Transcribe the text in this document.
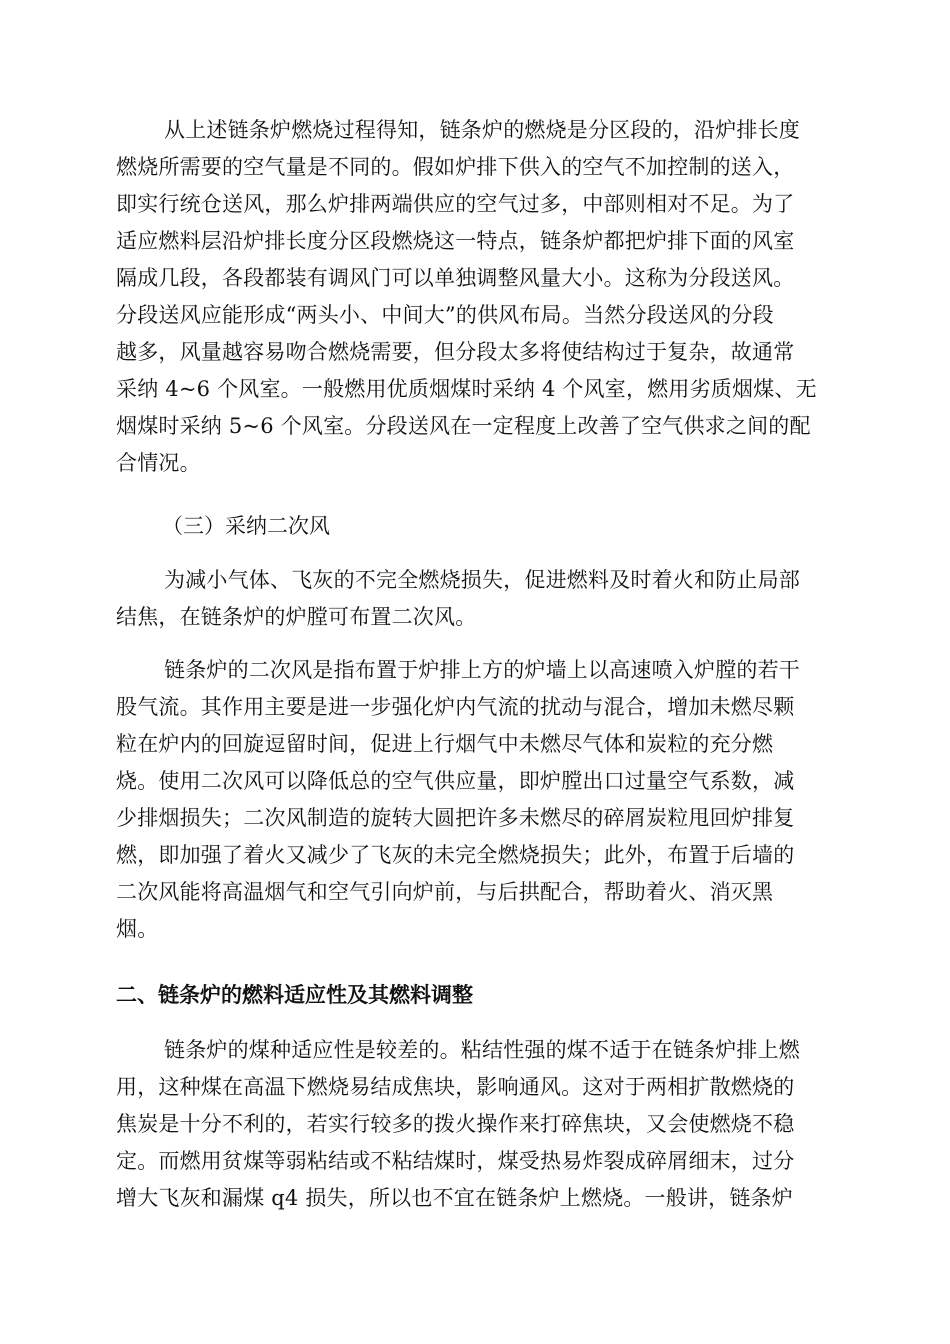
从上述链条炉燃烧过程得知，链条炉的燃烧是分区段的，沿炉排长度
燃烧所需要的空气量是不同的。假如炉排下供入的空气不加控制的送入，
即实行统仓送风，那么炉排两端供应的空气过多，中部则相对不足。为了
适应燃料层沿炉排长度分区段燃烧这一特点，链条炉都把炉排下面的风室
隔成几段，各段都装有调风门可以单独调整风量大小。这称为分段送风。
分段送风应能形成“两头小、中间大”的供风布局。当然分段送风的分段
越多，风量越容易吻合燃烧需要，但分段太多将使结构过于复杂，故通常
采纳 4~6 个风室。一般燃用优质烟煤时采纳 4 个风室，燃用劣质烟煤、无
烟煤时采纳 5~6 个风室。分段送风在一定程度上改善了空气供求之间的配
合情况。

（三）采纳二次风

为减小气体、飞灰的不完全燃烧损失，促进燃料及时着火和防止局部
结焦，在链条炉的炉膛可布置二次风。

链条炉的二次风是指布置于炉排上方的炉墙上以高速喷入炉膛的若干
股气流。其作用主要是进一步强化炉内气流的扰动与混合，增加未燃尽颗
粒在炉内的回旋逗留时间，促进上行烟气中未燃尽气体和炭粒的充分燃
烧。使用二次风可以降低总的空气供应量，即炉膛出口过量空气系数，减
少排烟损失；二次风制造的旋转大圆把许多未燃尽的碎屑炭粒甩回炉排复
燃，即加强了着火又减少了飞灰的未完全燃烧损失；此外，布置于后墙的
二次风能将高温烟气和空气引向炉前，与后拱配合，帮助着火、消灭黑
烟。

二、链条炉的燃料适应性及其燃料调整

链条炉的煤种适应性是较差的。粘结性强的煤不适于在链条炉排上燃
用，这种煤在高温下燃烧易结成焦块，影响通风。这对于两相扩散燃烧的
焦炭是十分不利的，若实行较多的拨火操作来打碎焦块，又会使燃烧不稳
定。而燃用贫煤等弱粘结或不粘结煤时，煤受热易炸裂成碎屑细末，过分
增大飞灰和漏煤 q4 损失，所以也不宜在链条炉上燃烧。一般讲，链条炉
